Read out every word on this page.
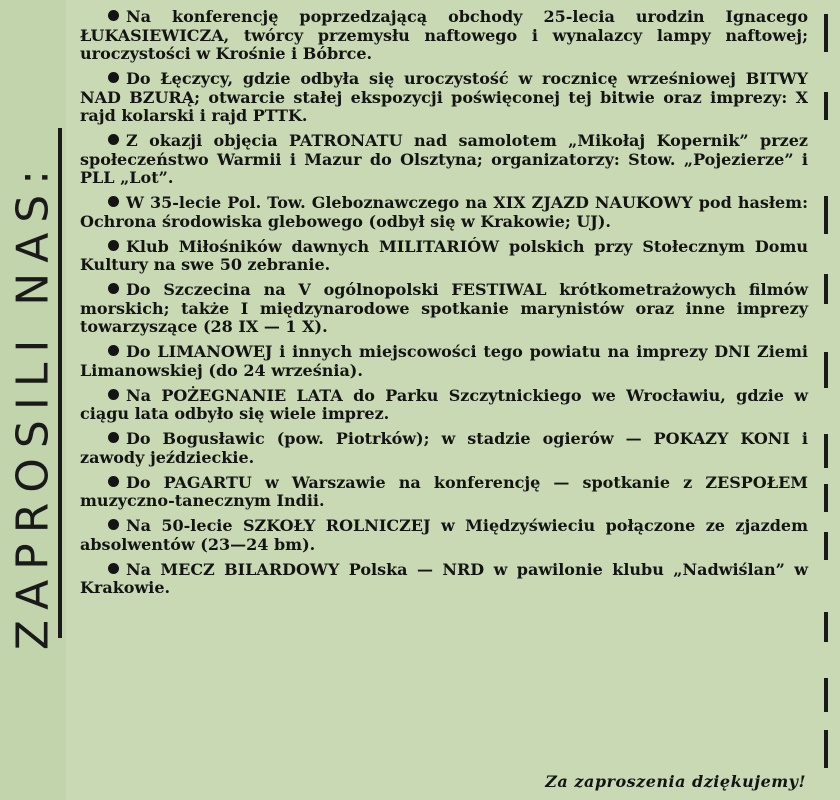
ZAPROSILI NAS:

Na konferencję poprzedzającą obchody 25-lecia urodzin Ignacego ŁUKASIEWICZA, twórcy przemysłu naftowego i wynalazcy lampy naftowej; uroczystości w Krośnie i Bóbrce.

Do Łęczycy, gdzie odbyła się uroczystość w rocznicę wrześniowej BITWY NAD BZURĄ; otwarcie stałej ekspozycji poświęconej tej bitwie oraz imprezy: X rajd kolarski i rajd PTTK.

Z okazji objęcia PATRONATU nad samolotem „Mikołaj Kopernik” przez społeczeństwo Warmii i Mazur do Olsztyna; organizatorzy: Stow. „Pojezierze” i PLL „Lot”.

W 35-lecie Pol. Tow. Gleboznawczego na XIX ZJAZD NAUKOWY pod hasłem: Ochrona środowiska glebowego (odbył się w Krakowie; UJ).

Klub Miłośników dawnych MILITARIÓW polskich przy Stołecznym Domu Kultury na swe 50 zebranie.

Do Szczecina na V ogólnopolski FESTIWAL krótkometrażowych filmów morskich; także I międzynarodowe spotkanie marynistów oraz inne imprezy towarzyszące (28 IX — 1 X).

Do LIMANOWEJ i innych miejscowości tego powiatu na imprezy DNI Ziemi Limanowskiej (do 24 września).

Na POŻEGNANIE LATA do Parku Szczytnickiego we Wrocławiu, gdzie w ciągu lata odbyło się wiele imprez.

Do Bogusławic (pow. Piotrków); w stadzie ogierów — POKAZY KONI i zawody jeździeckie.

Do PAGARTU w Warszawie na konferencję — spotkanie z ZESPOŁEM muzyczno-tanecznym Indii.

Na 50-lecie SZKOŁY ROLNICZEJ w Międzyświeciu połączone ze zjazdem absolwentów (23—24 bm).

Na MECZ BILARDOWY Polska — NRD w pawilonie klubu „Nadwiślan” w Krakowie.

Za zaproszenia dziękujemy!
